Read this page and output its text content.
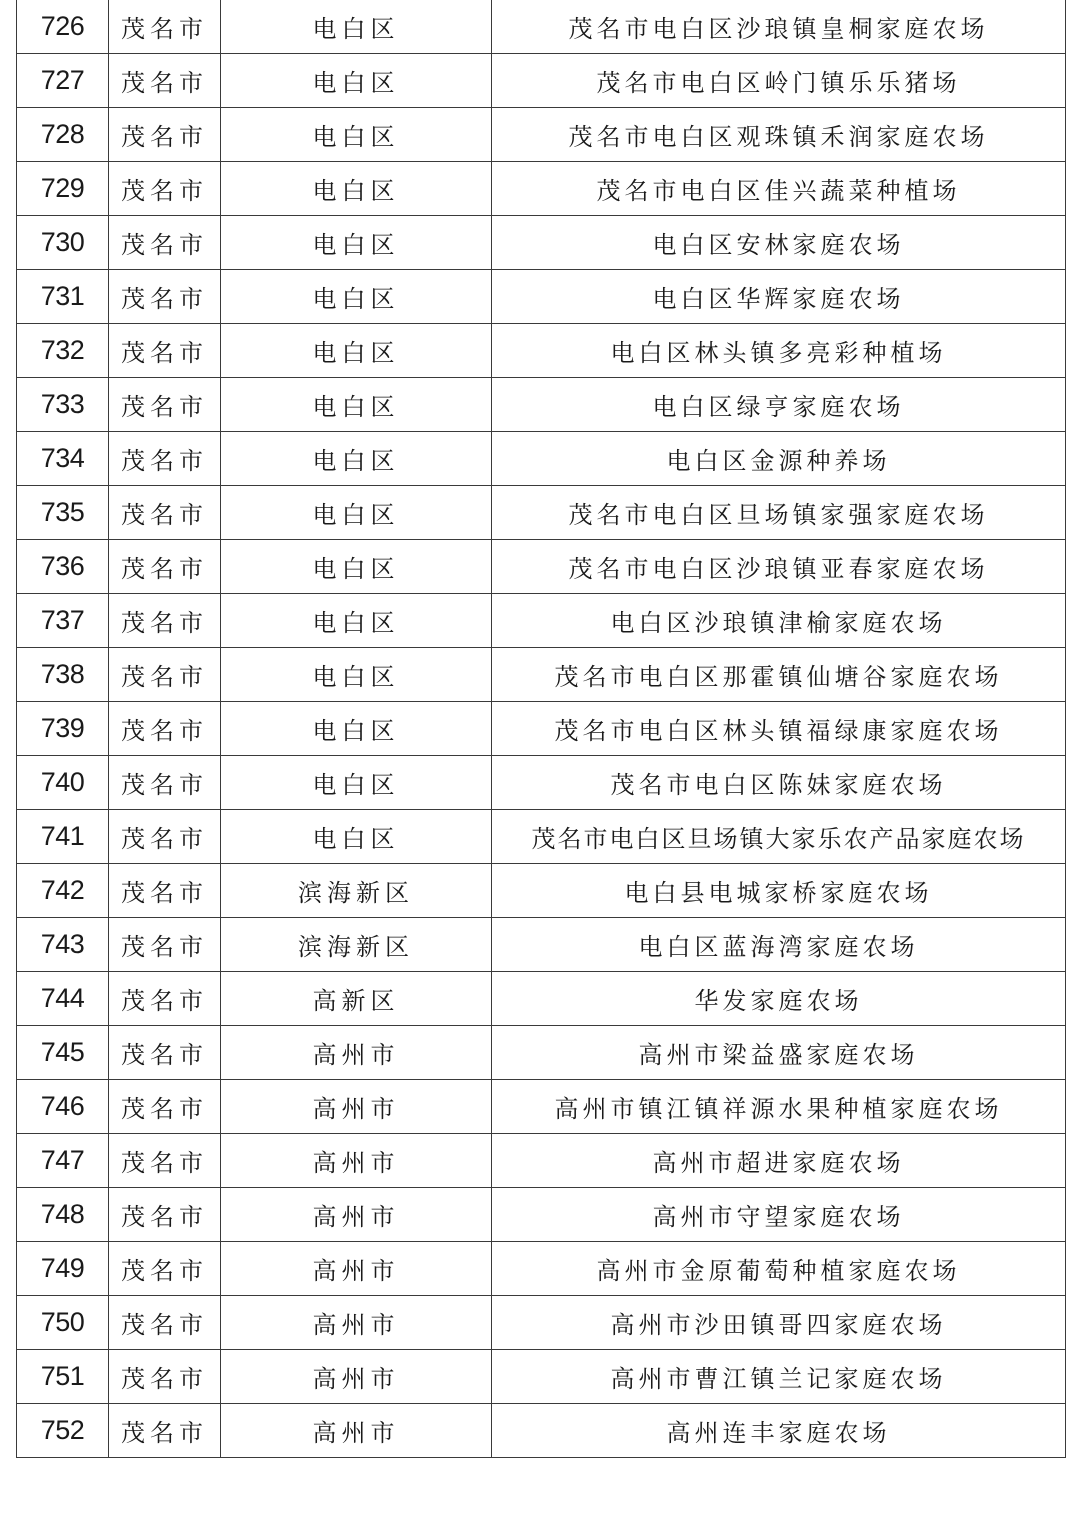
726	茂名市	电白区	茂名市电白区沙琅镇皇桐家庭农场
727	茂名市	电白区	茂名市电白区岭门镇乐乐猪场
728	茂名市	电白区	茂名市电白区观珠镇禾润家庭农场
729	茂名市	电白区	茂名市电白区佳兴蔬菜种植场
730	茂名市	电白区	电白区安林家庭农场
731	茂名市	电白区	电白区华辉家庭农场
732	茂名市	电白区	电白区林头镇多亮彩种植场
733	茂名市	电白区	电白区绿亨家庭农场
734	茂名市	电白区	电白区金源种养场
735	茂名市	电白区	茂名市电白区旦场镇家强家庭农场
736	茂名市	电白区	茂名市电白区沙琅镇亚春家庭农场
737	茂名市	电白区	电白区沙琅镇津榆家庭农场
738	茂名市	电白区	茂名市电白区那霍镇仙塘谷家庭农场
739	茂名市	电白区	茂名市电白区林头镇福绿康家庭农场
740	茂名市	电白区	茂名市电白区陈妹家庭农场
741	茂名市	电白区	茂名市电白区旦场镇大家乐农产品家庭农场
742	茂名市	滨海新区	电白县电城家桥家庭农场
743	茂名市	滨海新区	电白区蓝海湾家庭农场
744	茂名市	高新区	华发家庭农场
745	茂名市	高州市	高州市梁益盛家庭农场
746	茂名市	高州市	高州市镇江镇祥源水果种植家庭农场
747	茂名市	高州市	高州市超进家庭农场
748	茂名市	高州市	高州市守望家庭农场
749	茂名市	高州市	高州市金原葡萄种植家庭农场
750	茂名市	高州市	高州市沙田镇哥四家庭农场
751	茂名市	高州市	高州市曹江镇兰记家庭农场
752	茂名市	高州市	高州连丰家庭农场
